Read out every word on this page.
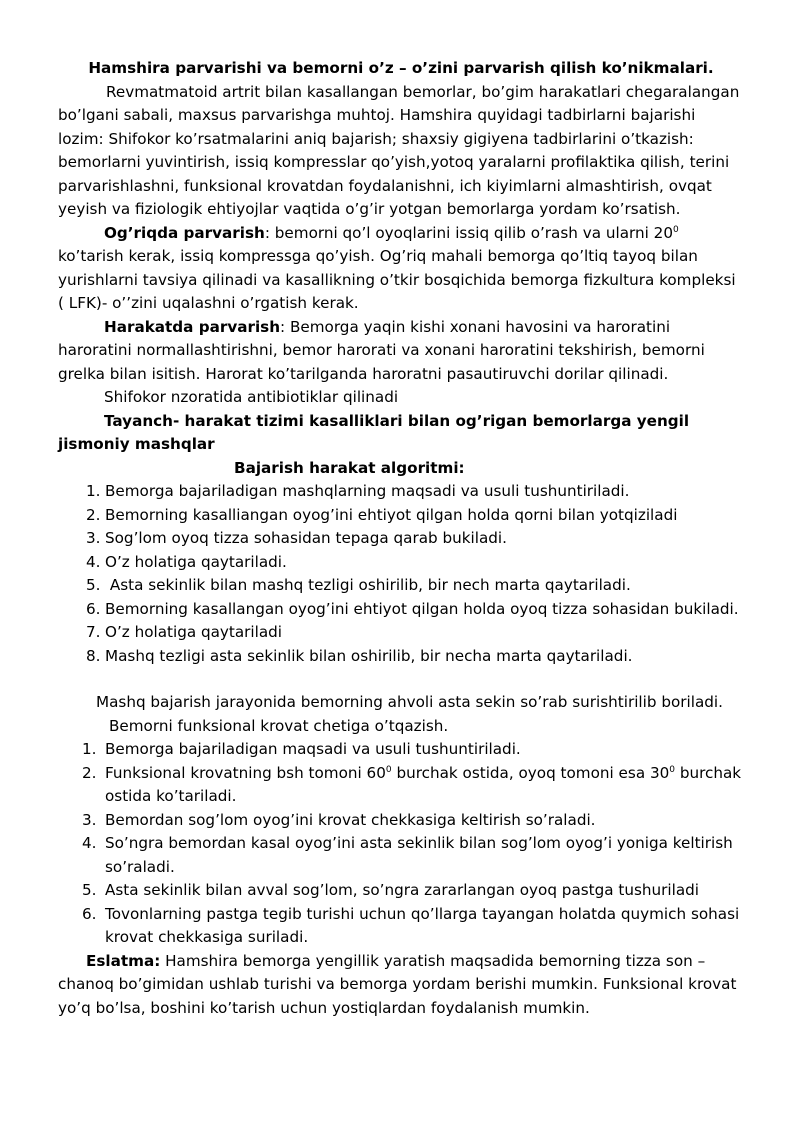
Hamshira parvarishi va bemorni o’z – o’zini parvarish qilish ko’nikmalari.

Revmatmatoid artrit bilan kasallangan bemorlar, bo’gim harakatlari chegaralangan bo’lgani sabali, maxsus parvarishga muhtoj. Hamshira quyidagi tadbirlarni bajarishi lozim: Shifokor ko’rsatmalarini aniq bajarish; shaxsiy gigiyena tadbirlarini o’tkazish: bemorlarni yuvintirish, issiq kompresslar qo’yish,yotoq yaralarni profilaktika qilish, terini parvarishlashni, funksional krovatdan foydalanishni, ich kiyimlarni almashtirish, ovqat yeyish va fiziologik ehtiyojlar vaqtida o’g’ir yotgan bemorlarga yordam ko’rsatish.

Og’riqda parvarish: bemorni qo’l oyoqlarini issiq qilib o’rash va ularni $20^0$ ko’tarish kerak, issiq kompressga qo’yish. Og’riq mahali bemorga qo’ltiq tayoq bilan yurishlarni tavsiya qilinadi va kasallikning o’tkir bosqichida bemorga fizkultura kompleksi ( LFK)- o’’zini uqalashni o’rgatish kerak.

Harakatda parvarish: Bemorga yaqin kishi xonani havosini va haroratini haroratini normallashtirishni, bemor harorati va xonani haroratini tekshirish, bemorni grelka bilan isitish. Harorat ko’tarilganda haroratni pasautiruvchi dorilar qilinadi.

Shifokor nzoratida antibiotiklar qilinadi

Tayanch- harakat tizimi kasalliklari bilan og’rigan bemorlarga yengil jismoniy mashqlar

Bajarish harakat algoritmi:

1. Bemorga bajariladigan mashqlarning maqsadi va usuli tushuntiriladi.
2. Bemorning kasalliangan oyog’ini ehtiyot qilgan holda qorni bilan yotqiziladi
3. Sog’lom oyoq tizza sohasidan tepaga qarab bukiladi.
4. O’z holatiga qaytariladi.
5. Asta sekinlik bilan mashq tezligi oshirilib, bir nech marta qaytariladi.
6. Bemorning kasallangan oyog’ini ehtiyot qilgan holda oyoq tizza sohasidan bukiladi.
7. O’z holatiga qaytariladi
8. Mashq tezligi asta sekinlik bilan oshirilib, bir necha marta qaytariladi.

Mashq bajarish jarayonida bemorning ahvoli asta sekin so’rab surishtirilib boriladi.

Bemorni funksional krovat chetiga o’tqazish.

1. Bemorga bajariladigan maqsadi va usuli tushuntiriladi.
2. Funksional krovatning bsh tomoni $60^0$ burchak ostida, oyoq tomoni esa $30^0$ burchak ostida ko’tariladi.
3. Bemordan sog’lom oyog’ini krovat chekkasiga keltirish so’raladi.
4. So’ngra bemordan kasal oyog’ini asta sekinlik bilan sog’lom oyog’i yoniga keltirish so’raladi.
5. Asta sekinlik bilan avval sog’lom, so’ngra zararlangan oyoq pastga tushuriladi
6. Tovonlarning pastga tegib turishi uchun qo’llarga tayangan holatda quymich sohasi krovat chekkasiga suriladi.

Eslatma: Hamshira bemorga yengillik yaratish maqsadida bemorning tizza son – chanoq bo’gimidan ushlab turishi va bemorga yordam berishi mumkin. Funksional krovat yo’q bo’lsa, boshini ko’tarish uchun yostiqlardan foydalanish mumkin.
